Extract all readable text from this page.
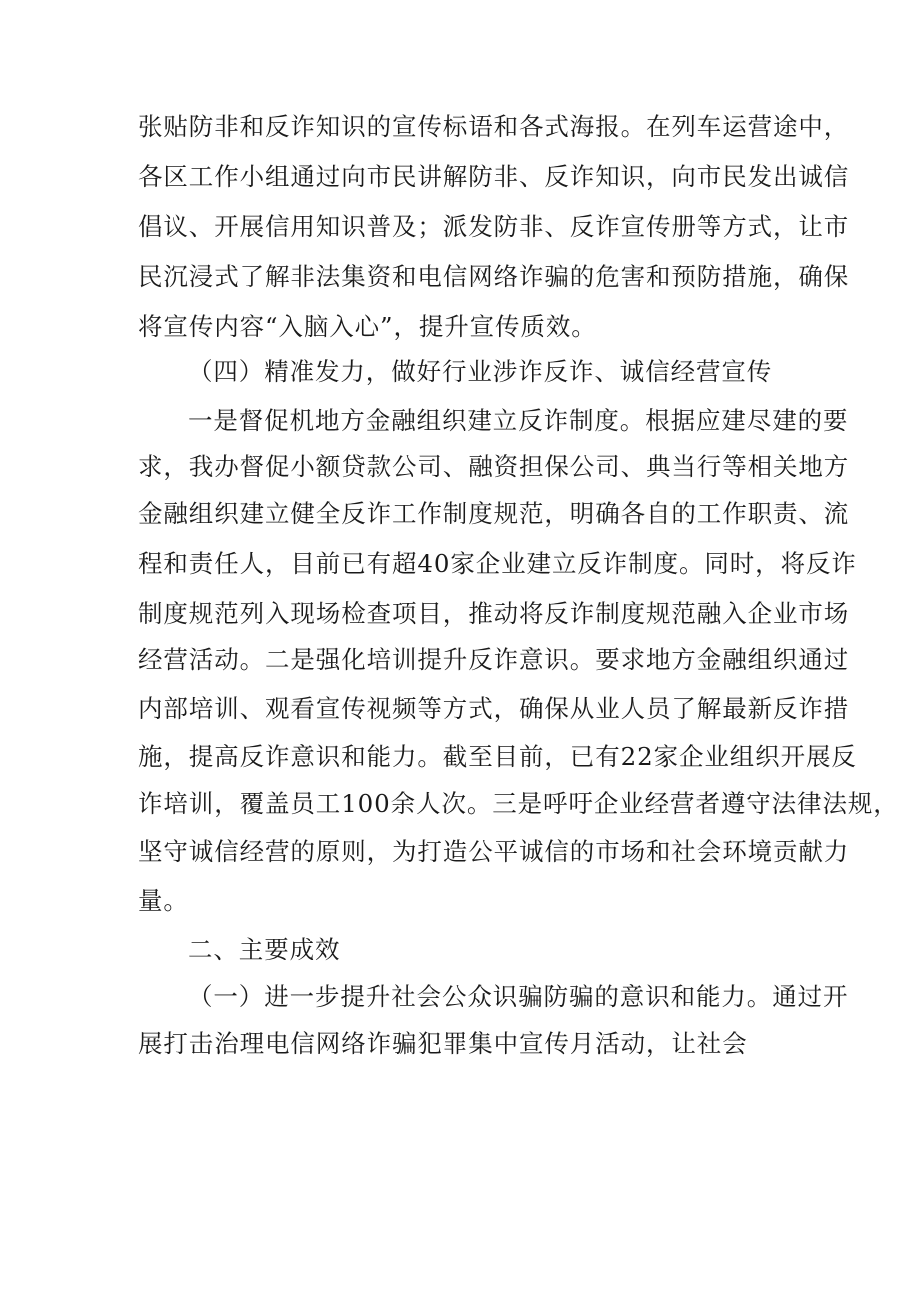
张贴防非和反诈知识的宣传标语和各式海报。在列车运营途中，
各区工作小组通过向市民讲解防非、反诈知识，向市民发出诚信
倡议、开展信用知识普及；派发防非、反诈宣传册等方式，让市
民沉浸式了解非法集资和电信网络诈骗的危害和预防措施，确保
将宣传内容“入脑入心”，提升宣传质效。
（四）精准发力，做好行业涉诈反诈、诚信经营宣传
一是督促机地方金融组织建立反诈制度。根据应建尽建的要
求，我办督促小额贷款公司、融资担保公司、典当行等相关地方
金融组织建立健全反诈工作制度规范，明确各自的工作职责、流
程和责任人，目前已有超40家企业建立反诈制度。同时，将反诈
制度规范列入现场检查项目，推动将反诈制度规范融入企业市场
经营活动。二是强化培训提升反诈意识。要求地方金融组织通过
内部培训、观看宣传视频等方式，确保从业人员了解最新反诈措
施，提高反诈意识和能力。截至目前，已有22家企业组织开展反
诈培训，覆盖员工100余人次。三是呼吁企业经营者遵守法律法规，
坚守诚信经营的原则，为打造公平诚信的市场和社会环境贡献力
量。
二、主要成效
（一）进一步提升社会公众识骗防骗的意识和能力。通过开
展打击治理电信网络诈骗犯罪集中宣传月活动，让社会
